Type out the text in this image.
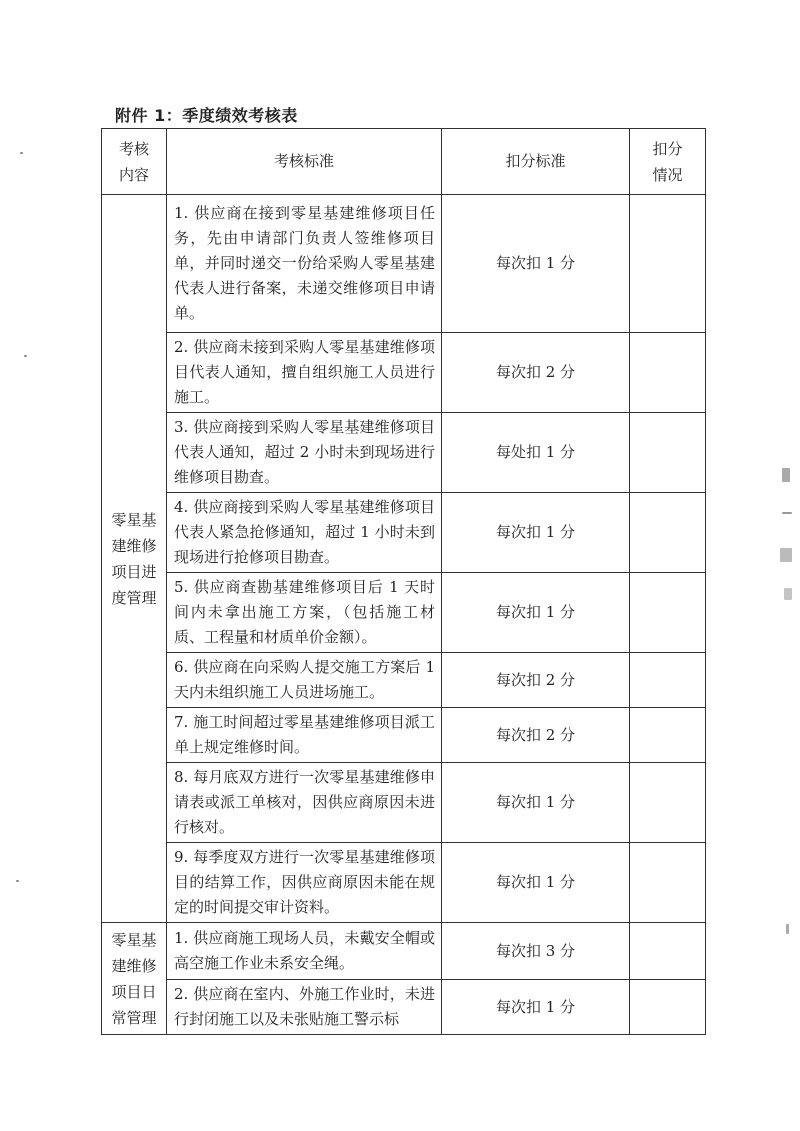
附件 1：季度绩效考核表
考核内容	考核标准	扣分标准	扣分情况
零星基建维修项目进度管理	1. 供应商在接到零星基建维修项目任务，先由申请部门负责人签维修项目单，并同时递交一份给采购人零星基建代表人进行备案，未递交维修项目申请单。	每次扣 1 分	
	2. 供应商未接到采购人零星基建维修项目代表人通知，擅自组织施工人员进行施工。	每次扣 2 分	
	3. 供应商接到采购人零星基建维修项目代表人通知，超过 2 小时未到现场进行维修项目勘查。	每处扣 1 分	
	4. 供应商接到采购人零星基建维修项目代表人紧急抢修通知，超过 1 小时未到现场进行抢修项目勘查。	每次扣 1 分	
	5. 供应商查勘基建维修项目后 1 天时间内未拿出施工方案，（包括施工材质、工程量和材质单价金额）。	每次扣 1 分	
	6. 供应商在向采购人提交施工方案后 1 天内未组织施工人员进场施工。	每次扣 2 分	
	7. 施工时间超过零星基建维修项目派工单上规定维修时间。	每次扣 2 分	
	8. 每月底双方进行一次零星基建维修申请表或派工单核对，因供应商原因未进行核对。	每次扣 1 分	
	9. 每季度双方进行一次零星基建维修项目的结算工作，因供应商原因未能在规定的时间提交审计资料。	每次扣 1 分	
零星基建维修项目日常管理	1. 供应商施工现场人员，未戴安全帽或高空施工作业未系安全绳。	每次扣 3 分	
	2. 供应商在室内、外施工作业时，未进行封闭施工以及未张贴施工警示标	每次扣 1 分	
